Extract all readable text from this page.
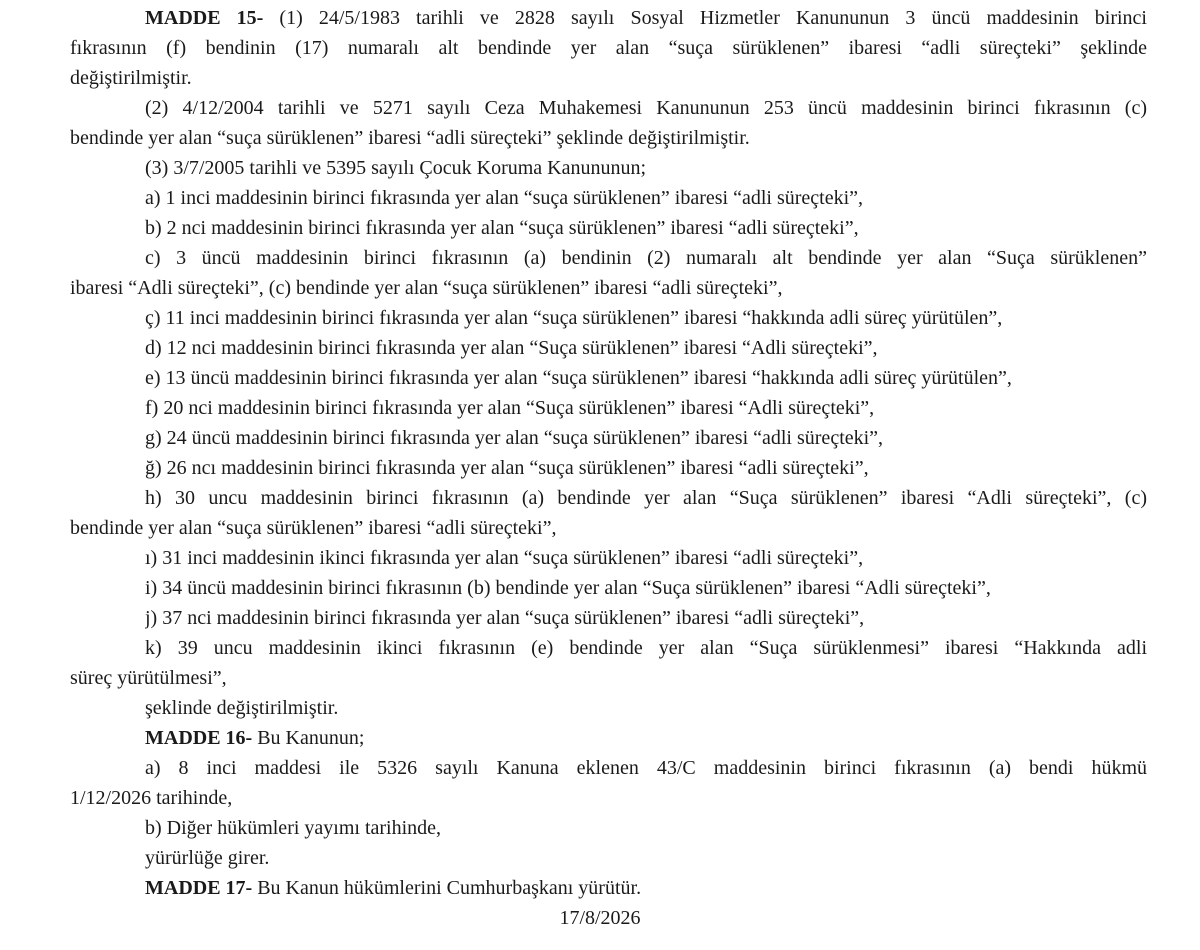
MADDE 15- (1) 24/5/1983 tarihli ve 2828 sayılı Sosyal Hizmetler Kanununun 3 üncü maddesinin birinci
fıkrasının (f) bendinin (17) numaralı alt bendinde yer alan “suça sürüklenen” ibaresi “adli süreçteki” şeklinde
değiştirilmiştir.
(2) 4/12/2004 tarihli ve 5271 sayılı Ceza Muhakemesi Kanununun 253 üncü maddesinin birinci fıkrasının (c)
bendinde yer alan “suça sürüklenen” ibaresi “adli süreçteki” şeklinde değiştirilmiştir.
(3) 3/7/2005 tarihli ve 5395 sayılı Çocuk Koruma Kanununun;
a) 1 inci maddesinin birinci fıkrasında yer alan “suça sürüklenen” ibaresi “adli süreçteki”,
b) 2 nci maddesinin birinci fıkrasında yer alan “suça sürüklenen” ibaresi “adli süreçteki”,
c) 3 üncü maddesinin birinci fıkrasının (a) bendinin (2) numaralı alt bendinde yer alan “Suça sürüklenen”
ibaresi “Adli süreçteki”, (c) bendinde yer alan “suça sürüklenen” ibaresi “adli süreçteki”,
ç) 11 inci maddesinin birinci fıkrasında yer alan “suça sürüklenen” ibaresi “hakkında adli süreç yürütülen”,
d) 12 nci maddesinin birinci fıkrasında yer alan “Suça sürüklenen” ibaresi “Adli süreçteki”,
e) 13 üncü maddesinin birinci fıkrasında yer alan “suça sürüklenen” ibaresi “hakkında adli süreç yürütülen”,
f) 20 nci maddesinin birinci fıkrasında yer alan “Suça sürüklenen” ibaresi “Adli süreçteki”,
g) 24 üncü maddesinin birinci fıkrasında yer alan “suça sürüklenen” ibaresi “adli süreçteki”,
ğ) 26 ncı maddesinin birinci fıkrasında yer alan “suça sürüklenen” ibaresi “adli süreçteki”,
h) 30 uncu maddesinin birinci fıkrasının (a) bendinde yer alan “Suça sürüklenen” ibaresi “Adli süreçteki”, (c)
bendinde yer alan “suça sürüklenen” ibaresi “adli süreçteki”,
ı) 31 inci maddesinin ikinci fıkrasında yer alan “suça sürüklenen” ibaresi “adli süreçteki”,
i) 34 üncü maddesinin birinci fıkrasının (b) bendinde yer alan “Suça sürüklenen” ibaresi “Adli süreçteki”,
j) 37 nci maddesinin birinci fıkrasında yer alan “suça sürüklenen” ibaresi “adli süreçteki”,
k) 39 uncu maddesinin ikinci fıkrasının (e) bendinde yer alan “Suça sürüklenmesi” ibaresi “Hakkında adli
süreç yürütülmesi”,
şeklinde değiştirilmiştir.
MADDE 16- Bu Kanunun;
a) 8 inci maddesi ile 5326 sayılı Kanuna eklenen 43/C maddesinin birinci fıkrasının (a) bendi hükmü
1/12/2026 tarihinde,
b) Diğer hükümleri yayımı tarihinde,
yürürlüğe girer.
MADDE 17- Bu Kanun hükümlerini Cumhurbaşkanı yürütür.
17/8/2026
